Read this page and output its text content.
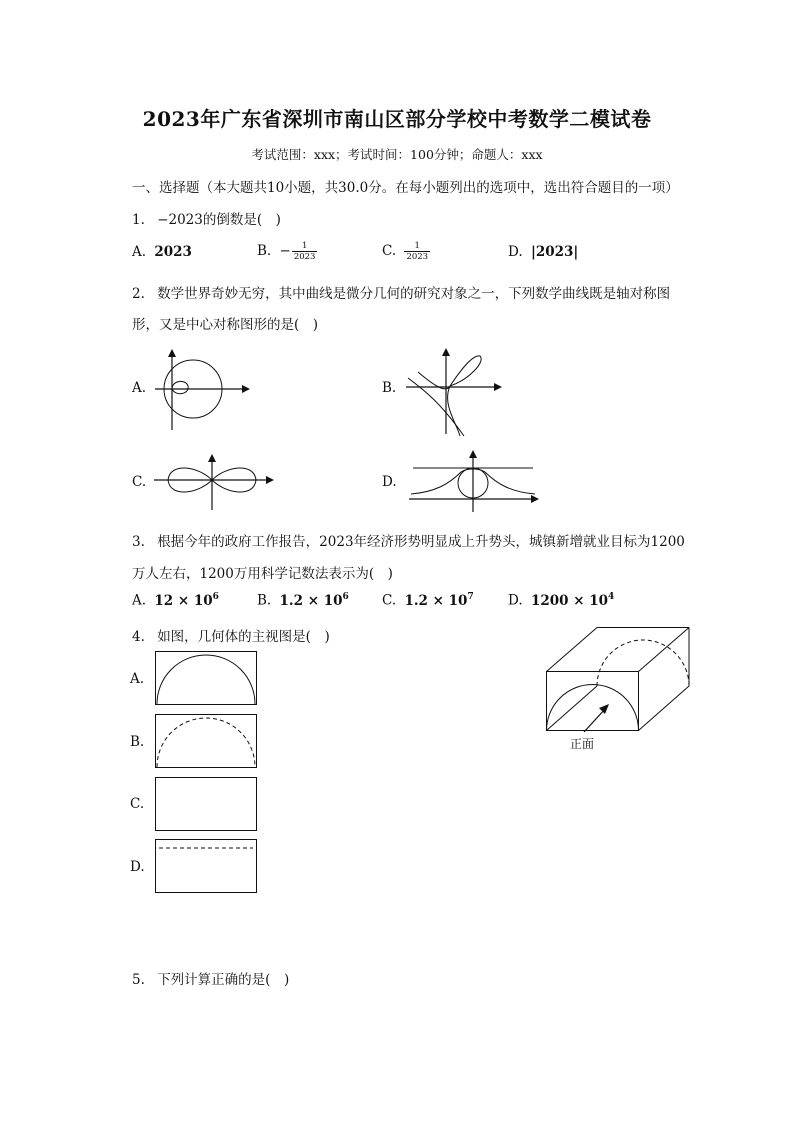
2023年广东省深圳市南山区部分学校中考数学二模试卷
考试范围：xxx；考试时间：100分钟；命题人：xxx
一、选择题（本大题共10小题，共30.0分。在每小题列出的选项中，选出符合题目的一项）
1. −2023的倒数是(　)
A. 2023	B. − $\frac{1}{2023}$	C. $\frac{1}{2023}$	D. |2023|
2. 数学世界奇妙无穷，其中曲线是微分几何的研究对象之一，下列数学曲线既是轴对称图
形，又是中心对称图形的是(　)
A.	B.
C.	D.
3. 根据今年的政府工作报告，2023年经济形势明显成上升势头，城镇新增就业目标为1200
万人左右，1200万用科学记数法表示为(　)
A. $12 \times 10^6$	B. $1.2 \times 10^6$ C. $1.2 \times 10^7$	D. $1200 \times 10^4$
4. 如图，几何体的主视图是(　)
A.
B.
C.
D.
正面
5. 下列计算正确的是(　)
